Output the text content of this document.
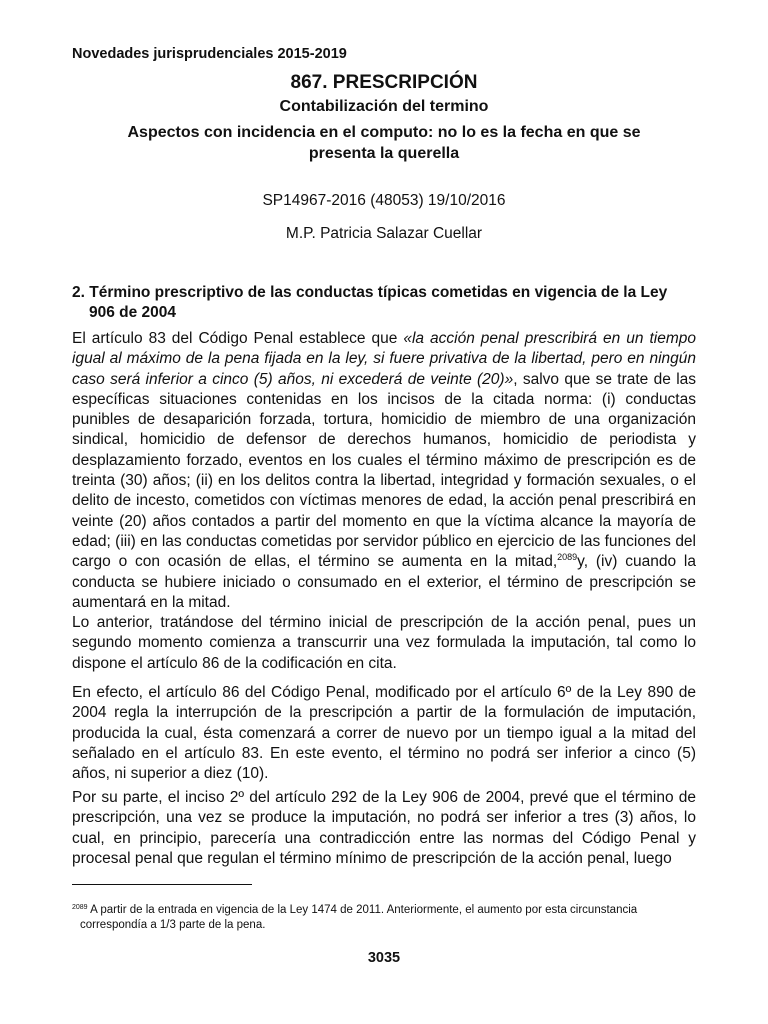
Novedades jurisprudenciales 2015-2019
867. PRESCRIPCIÓN
Contabilización del termino
Aspectos con incidencia en el computo: no lo es la fecha en que se presenta la querella
SP14967-2016 (48053) 19/10/2016
M.P. Patricia Salazar Cuellar
2. Término prescriptivo de las conductas típicas cometidas en vigencia de la Ley 906 de 2004
El artículo 83 del Código Penal establece que «la acción penal prescribirá en un tiempo igual al máximo de la pena fijada en la ley, si fuere privativa de la libertad, pero en ningún caso será inferior a cinco (5) años, ni excederá de veinte (20)», salvo que se trate de las específicas situaciones contenidas en los incisos de la citada norma: (i) conductas punibles de desaparición forzada, tortura, homicidio de miembro de una organización sindical, homicidio de defensor de derechos humanos, homicidio de periodista y desplazamiento forzado, eventos en los cuales el término máximo de prescripción es de treinta (30) años; (ii) en los delitos contra la libertad, integridad y formación sexuales, o el delito de incesto, cometidos con víctimas menores de edad, la acción penal prescribirá en veinte (20) años contados a partir del momento en que la víctima alcance la mayoría de edad; (iii) en las conductas cometidas por servidor público en ejercicio de las funciones del cargo o con ocasión de ellas, el término se aumenta en la mitad,$^{2089}$y, (iv) cuando la conducta se hubiere iniciado o consumado en el exterior, el término de prescripción se aumentará en la mitad.
Lo anterior, tratándose del término inicial de prescripción de la acción penal, pues un segundo momento comienza a transcurrir una vez formulada la imputación, tal como lo dispone el artículo 86 de la codificación en cita.
En efecto, el artículo 86 del Código Penal, modificado por el artículo 6º de la Ley 890 de 2004 regla la interrupción de la prescripción a partir de la formulación de imputación, producida la cual, ésta comenzará a correr de nuevo por un tiempo igual a la mitad del señalado en el artículo 83. En este evento, el término no podrá ser inferior a cinco (5) años, ni superior a diez (10).
Por su parte, el inciso 2º del artículo 292 de la Ley 906 de 2004, prevé que el término de prescripción, una vez se produce la imputación, no podrá ser inferior a tres (3) años, lo cual, en principio, parecería una contradicción entre las normas del Código Penal y procesal penal que regulan el término mínimo de prescripción de la acción penal, luego
$^{2089}$ A partir de la entrada en vigencia de la Ley 1474 de 2011. Anteriormente, el aumento por esta circunstancia correspondía a 1/3 parte de la pena.
3035
